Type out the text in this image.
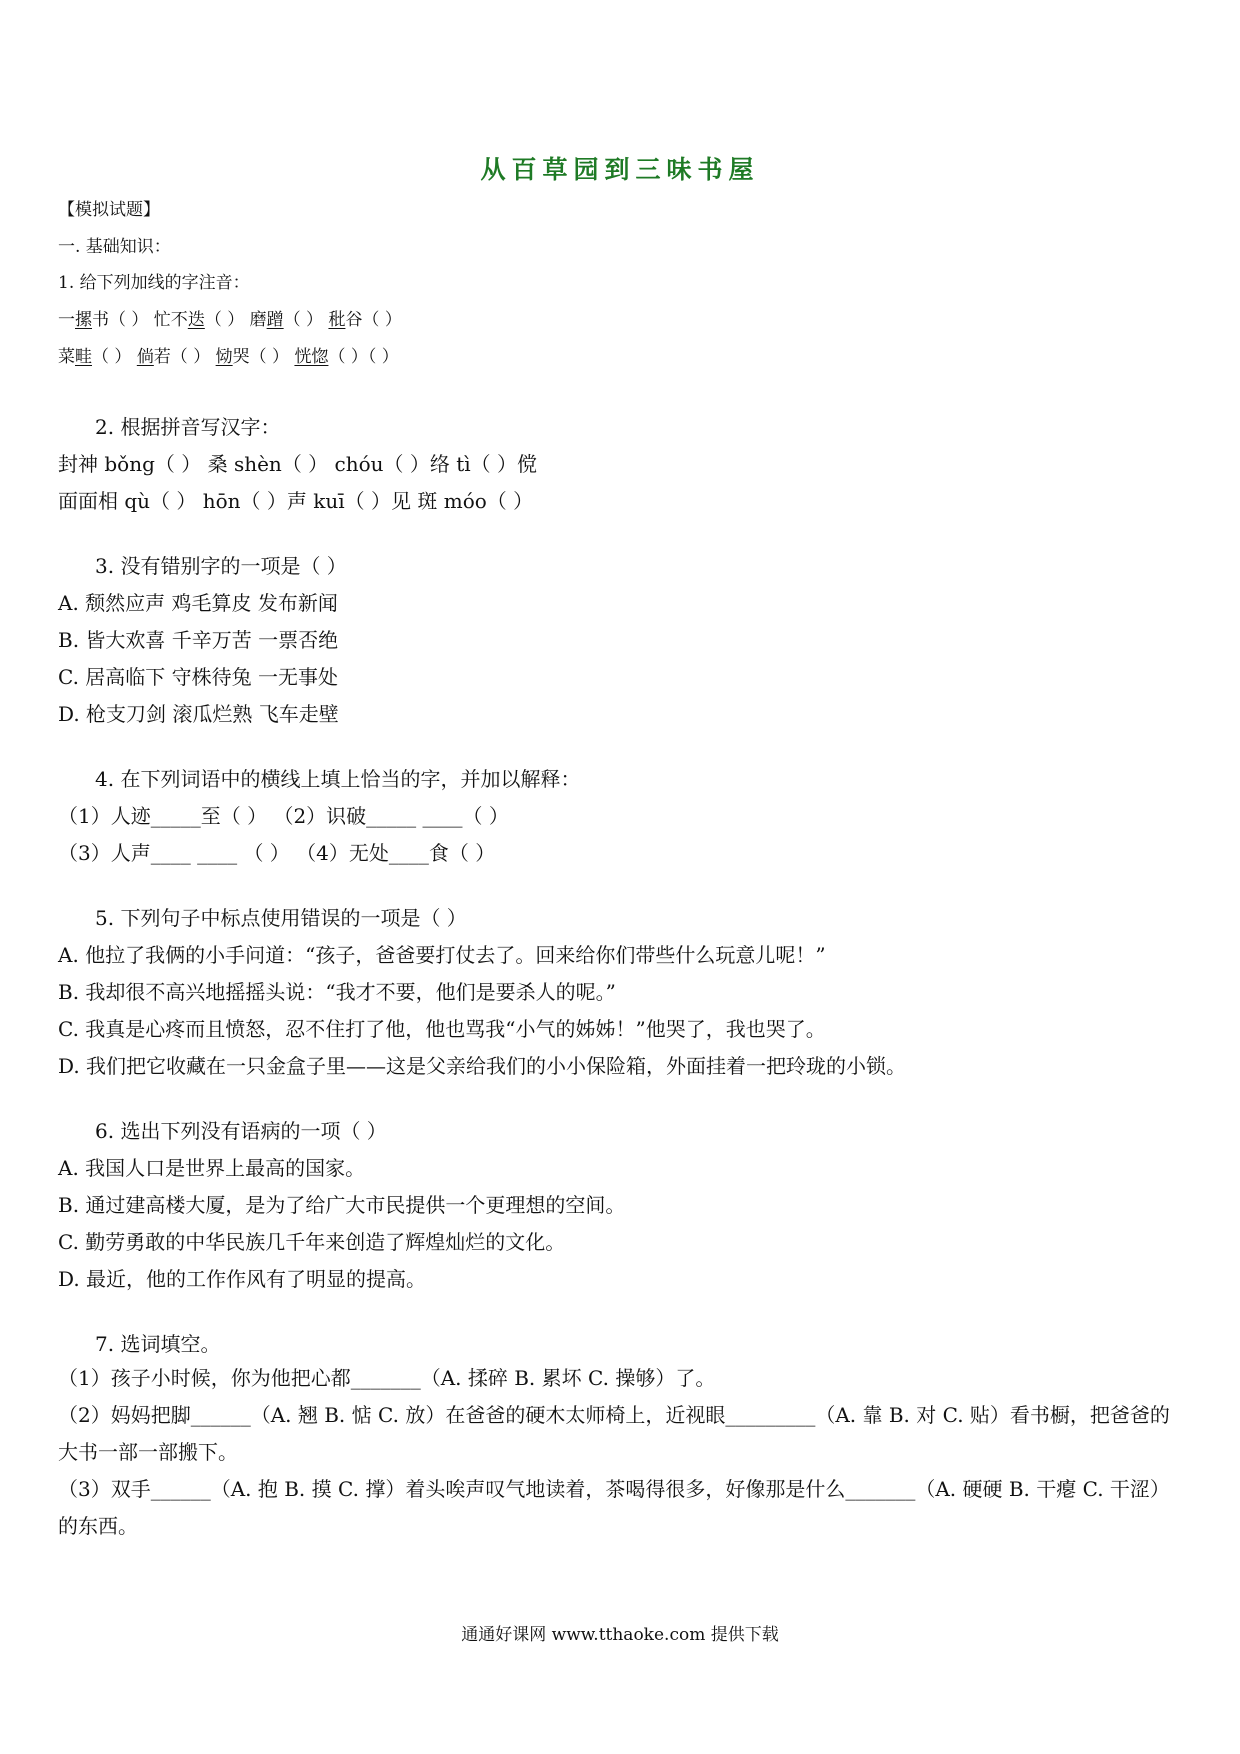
从百草园到三味书屋
【模拟试题】
一. 基础知识：
1. 给下列加线的字注音：
一摞书（ ） 忙不迭（ ） 磨蹭（ ） 秕谷（ ）
菜畦（ ） 倘若（ ） 恸哭（ ） 恍惚（ ）（ ）
2. 根据拼音写汉字：
封神 bǒng（ ） 桑 shèn（ ） chóu（ ）络 tì（ ）傥
面面相 qù（ ） hōn（ ）声 kuī（ ）见 斑 móo（ ）
3. 没有错别字的一项是（ ）
A. 颓然应声 鸡毛算皮 发布新闻
B. 皆大欢喜 千辛万苦 一票否绝
C. 居高临下 守株待兔 一无事处
D. 枪支刀剑 滚瓜烂熟 飞车走壁
4. 在下列词语中的横线上填上恰当的字，并加以解释：
（1）人迹_____至（ ） （2）识破_____ ____（ ）
（3）人声____ ____ （ ） （4）无处____食（ ）
5. 下列句子中标点使用错误的一项是（ ）
A. 他拉了我俩的小手问道：“孩子，爸爸要打仗去了。回来给你们带些什么玩意儿呢！”
B. 我却很不高兴地摇摇头说：“我才不要，他们是要杀人的呢。”
C. 我真是心疼而且愤怒，忍不住打了他，他也骂我“小气的姊姊！”他哭了，我也哭了。
D. 我们把它收藏在一只金盒子里——这是父亲给我们的小小保险箱，外面挂着一把玲珑的小锁。
6. 选出下列没有语病的一项（ ）
A. 我国人口是世界上最高的国家。
B. 通过建高楼大厦，是为了给广大市民提供一个更理想的空间。
C. 勤劳勇敢的中华民族几千年来创造了辉煌灿烂的文化。
D. 最近，他的工作作风有了明显的提高。
7. 选词填空。
（1）孩子小时候，你为他把心都_______（A. 揉碎 B. 累坏 C. 操够）了。
（2）妈妈把脚______（A. 翘 B. 惦 C. 放）在爸爸的硬木太师椅上，近视眼_________（A. 靠 B. 对 C. 贴）看书橱，把爸爸的大书一部一部搬下。
（3）双手______（A. 抱 B. 摸 C. 撑）着头唉声叹气地读着，茶喝得很多，好像那是什么_______（A. 硬硬 B. 干瘪 C. 干涩）的东西。
通通好课网 www.tthaoke.com 提供下载
